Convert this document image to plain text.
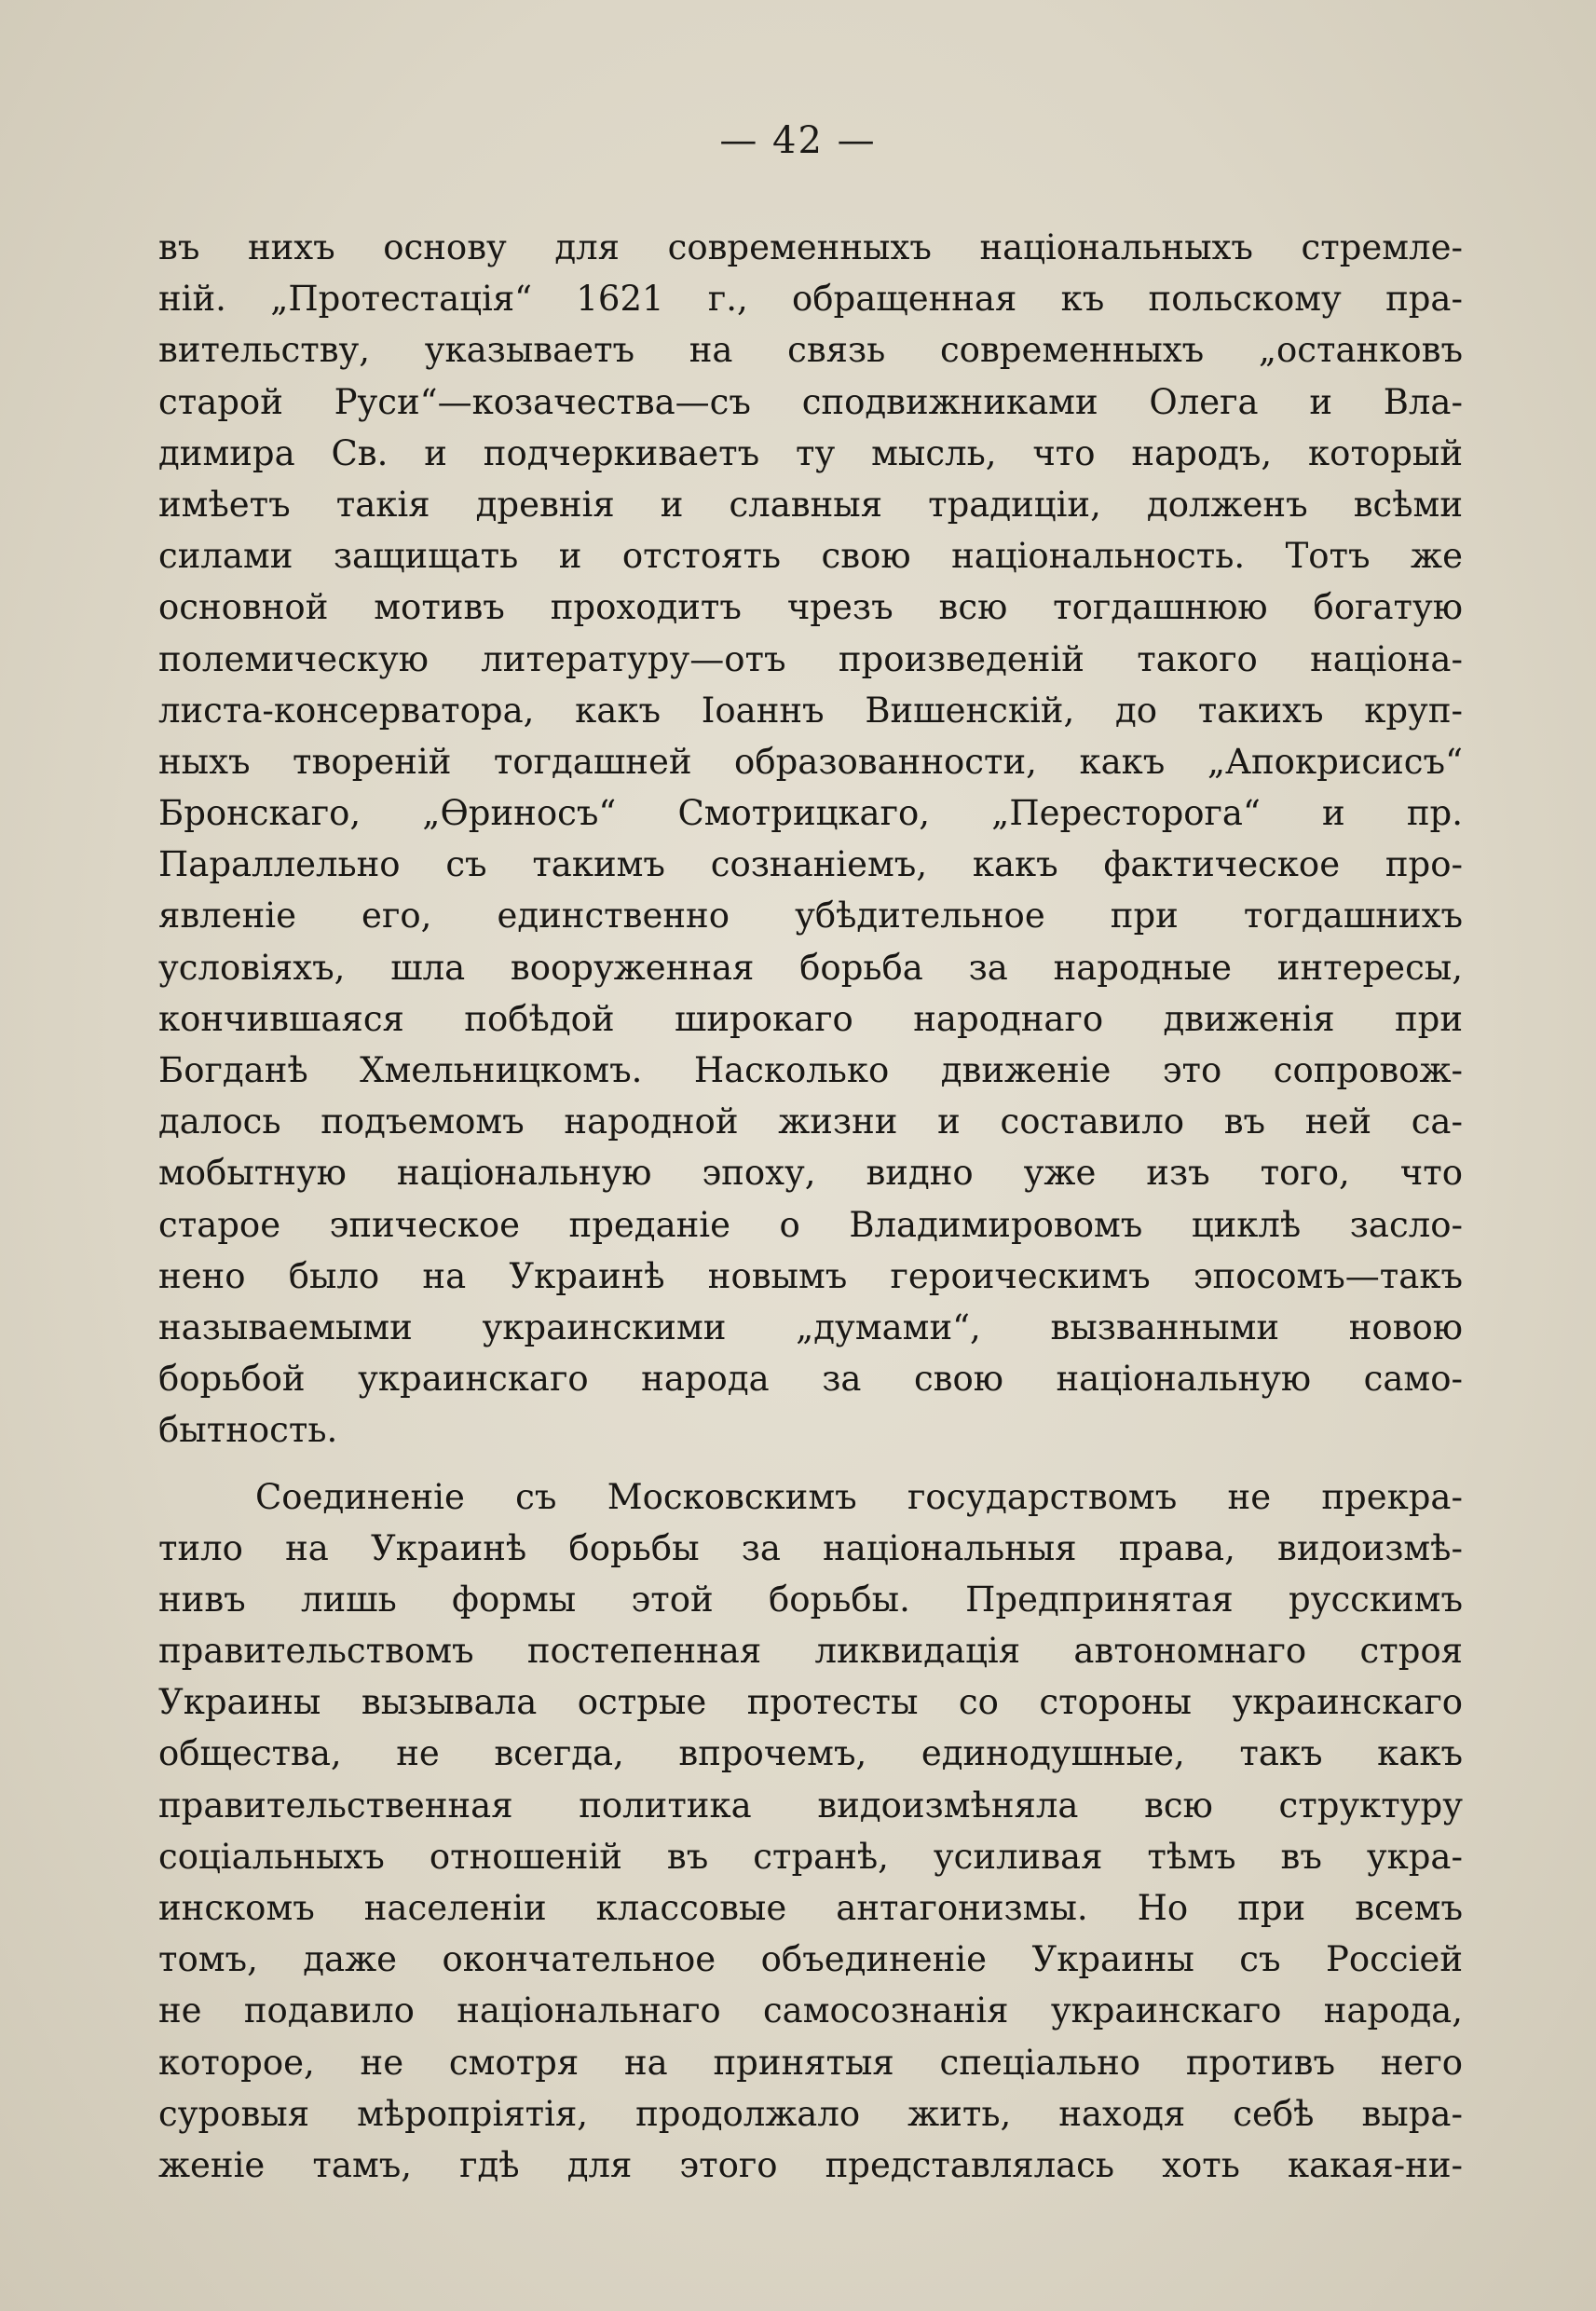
— 42 —
въ нихъ основу для современныхъ національныхъ стремле-
ній. „Протестація“ 1621 г., обращенная къ польскому пра-
вительству, указываетъ на связь современныхъ „останковъ
старой Руси“—козачества—съ сподвижниками Олега и Вла-
димира Св. и подчеркиваетъ ту мысль, что народъ, который
имѣетъ такія древнія и славныя традиціи, долженъ всѣми
силами защищать и отстоять свою національность. Тотъ же
основной мотивъ проходитъ чрезъ всю тогдашнюю богатую
полемическую литературу—отъ произведеній такого націона-
листа-консерватора, какъ Іоаннъ Вишенскій, до такихъ круп-
ныхъ твореній тогдашней образованности, какъ „Апокрисисъ“
Бронскаго, „Ѳриносъ“ Смотрицкаго, „Пересторога“ и пр.
Параллельно съ такимъ сознаніемъ, какъ фактическое про-
явленіе его, единственно убѣдительное при тогдашнихъ
условіяхъ, шла вооруженная борьба за народные интересы,
кончившаяся побѣдой широкаго народнаго движенія при
Богданѣ Хмельницкомъ. Насколько движеніе это сопровож-
далось подъемомъ народной жизни и составило въ ней са-
мобытную національную эпоху, видно уже изъ того, что
старое эпическое преданіе о Владимировомъ циклѣ засло-
нено было на Украинѣ новымъ героическимъ эпосомъ—такъ
называемыми украинскими „думами“, вызванными новою
борьбой украинскаго народа за свою національную само-
бытность.
Соединеніе съ Московскимъ государствомъ не прекра-
тило на Украинѣ борьбы за національныя права, видоизмѣ-
нивъ лишь формы этой борьбы. Предпринятая русскимъ
правительствомъ постепенная ликвидація автономнаго строя
Украины вызывала острые протесты со стороны украинскаго
общества, не всегда, впрочемъ, единодушные, такъ какъ
правительственная политика видоизмѣняла всю структуру
соціальныхъ отношеній въ странѣ, усиливая тѣмъ въ укра-
инскомъ населеніи классовые антагонизмы. Но при всемъ
томъ, даже окончательное объединеніе Украины съ Россіей
не подавило національнаго самосознанія украинскаго народа,
которое, не смотря на принятыя спеціально противъ него
суровыя мѣропріятія, продолжало жить, находя себѣ выра-
женіе тамъ, гдѣ для этого представлялась хоть какая-ни-
